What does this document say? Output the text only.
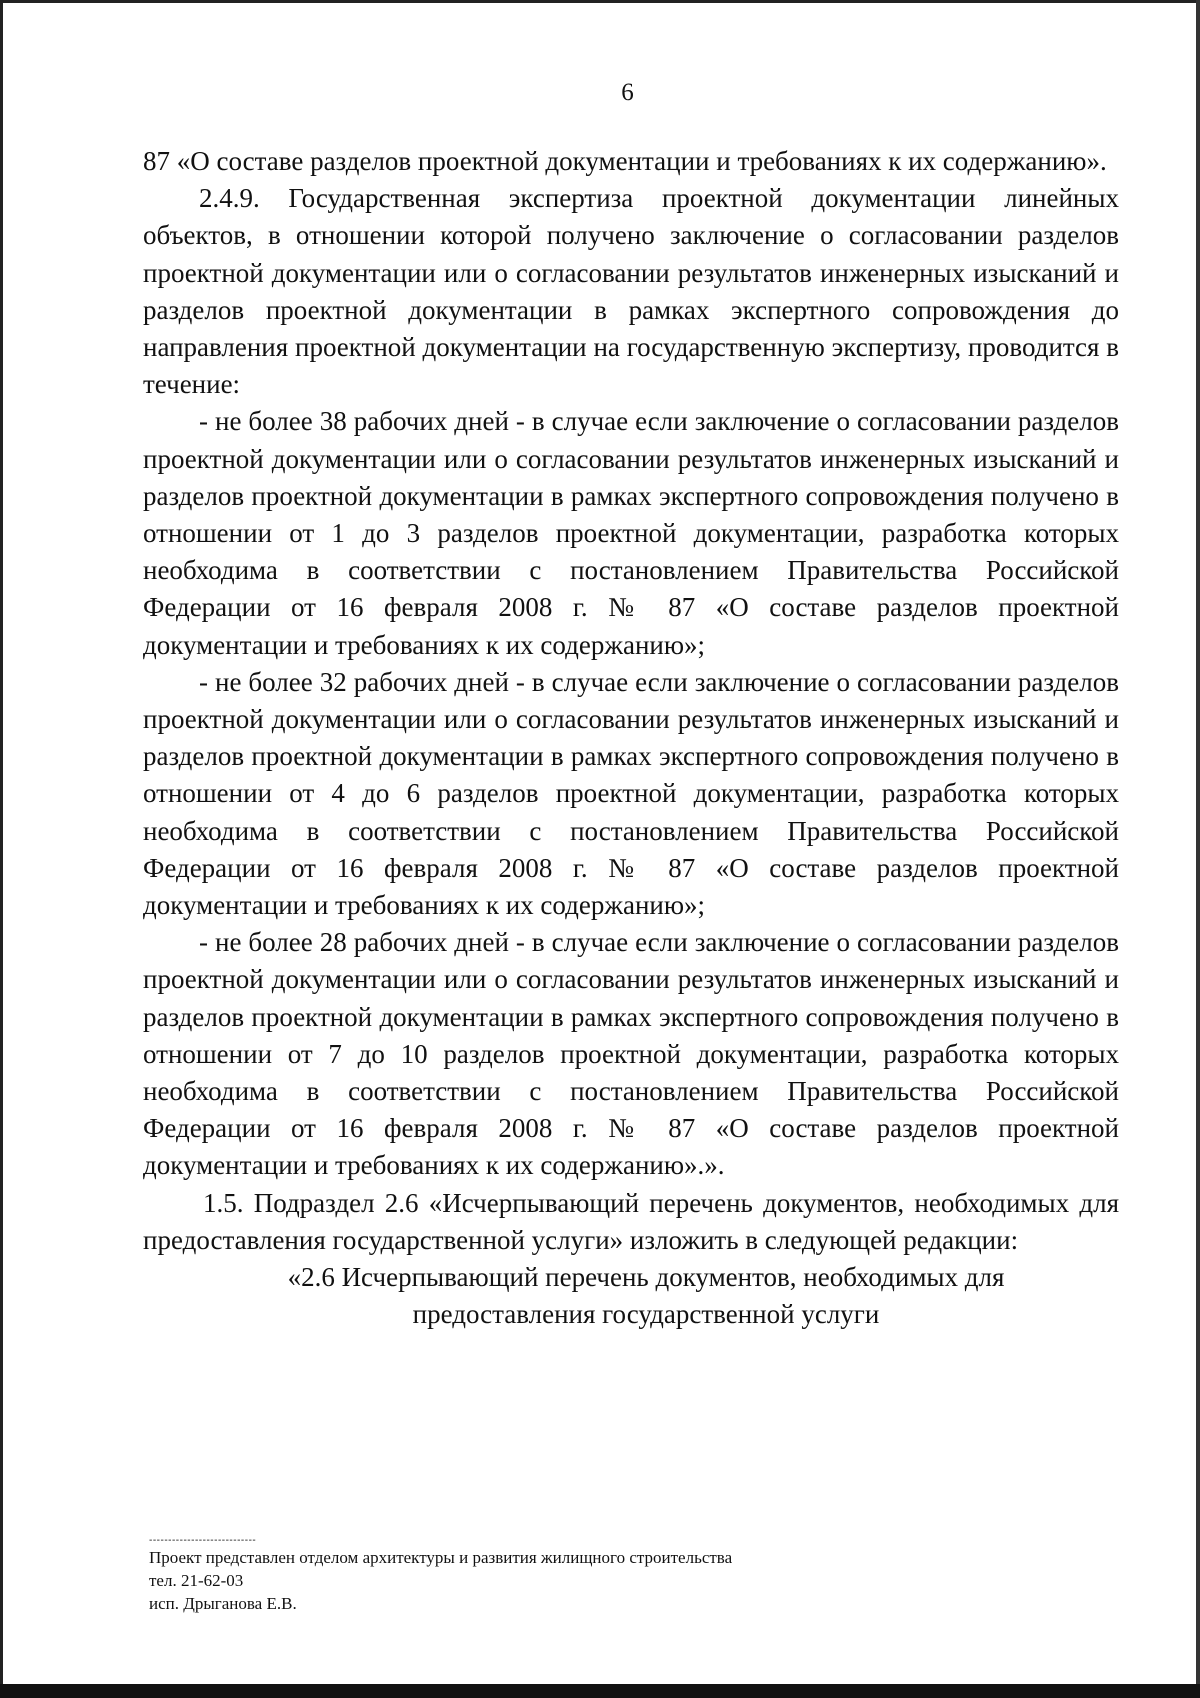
6

87 «О составе разделов проектной документации и требованиях к их содержанию».

2.4.9. Государственная экспертиза проектной документации линейных объектов, в отношении которой получено заключение о согласовании разделов проектной документации или о согласовании результатов инженерных изысканий и разделов проектной документации в рамках экспертного сопровождения до направления проектной документации на государственную экспертизу, проводится в течение:

- не более 38 рабочих дней - в случае если заключение о согласовании разделов проектной документации или о согласовании результатов инженерных изысканий и разделов проектной документации в рамках экспертного сопровождения получено в отношении от 1 до 3 разделов проектной документации, разработка которых необходима в соответствии с постановлением Правительства Российской Федерации от 16 февраля 2008 г. № 87 «О составе разделов проектной документации и требованиях к их содержанию»;

- не более 32 рабочих дней - в случае если заключение о согласовании разделов проектной документации или о согласовании результатов инженерных изысканий и разделов проектной документации в рамках экспертного сопровождения получено в отношении от 4 до 6 разделов проектной документации, разработка которых необходима в соответствии с постановлением Правительства Российской Федерации от 16 февраля 2008 г. № 87 «О составе разделов проектной документации и требованиях к их содержанию»;

- не более 28 рабочих дней - в случае если заключение о согласовании разделов проектной документации или о согласовании результатов инженерных изысканий и разделов проектной документации в рамках экспертного сопровождения получено в отношении от 7 до 10 разделов проектной документации, разработка которых необходима в соответствии с постановлением Правительства Российской Федерации от 16 февраля 2008 г. № 87 «О составе разделов проектной документации и требованиях к их содержанию».».

1.5. Подраздел 2.6 «Исчерпывающий перечень документов, необходимых для предоставления государственной услуги» изложить в следующей редакции:

«2.6 Исчерпывающий перечень документов, необходимых для
предоставления государственной услуги
----------------------------
Проект представлен отделом архитектуры и развития жилищного строительства
тел. 21-62-03
исп. Дрыганова Е.В.
